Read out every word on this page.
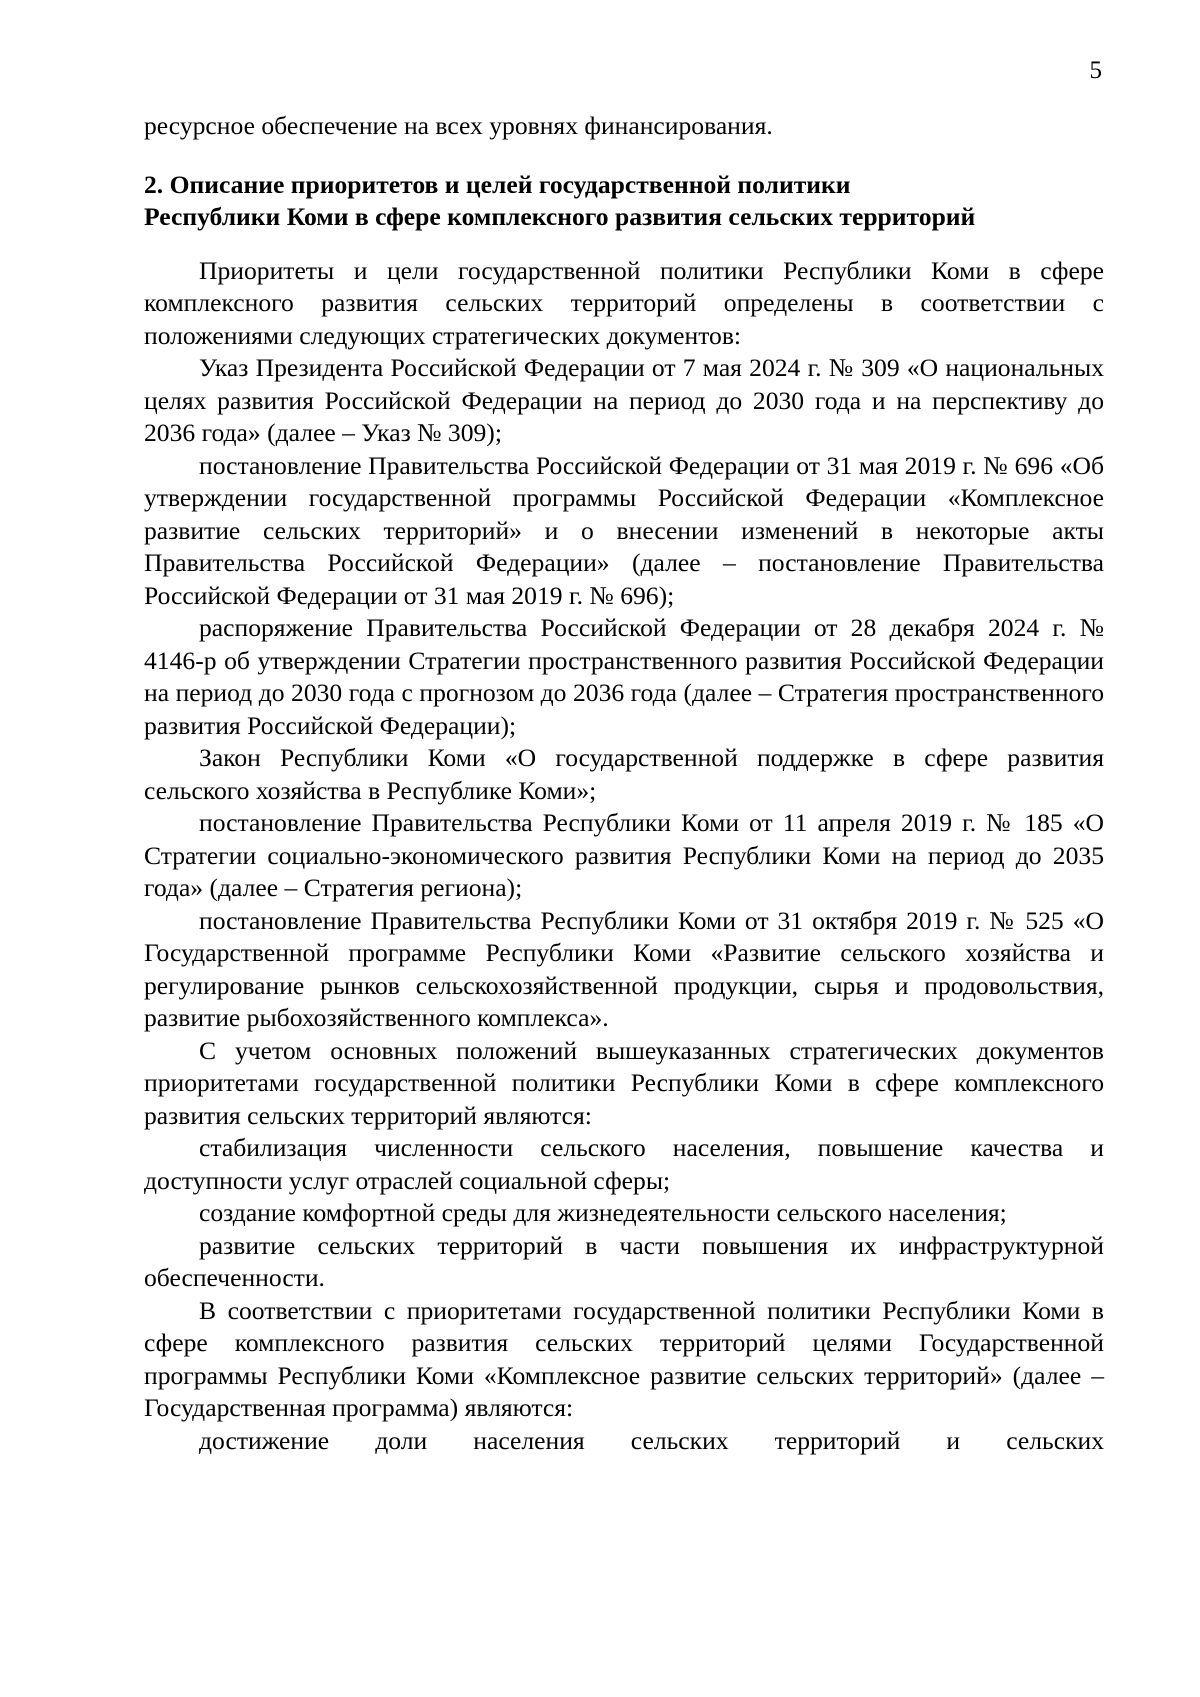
5

ресурсное обеспечение на всех уровнях финансирования.

2. Описание приоритетов и целей государственной политики
Республики Коми в сфере комплексного развития сельских территорий

Приоритеты и цели государственной политики Республики Коми в сфере комплексного развития сельских территорий определены в соответствии с положениями следующих стратегических документов:

Указ Президента Российской Федерации от 7 мая 2024 г. № 309 «О национальных целях развития Российской Федерации на период до 2030 года и на перспективу до 2036 года» (далее – Указ № 309);

постановление Правительства Российской Федерации от 31 мая 2019 г. № 696 «Об утверждении государственной программы Российской Федерации «Комплексное развитие сельских территорий» и о внесении изменений в некоторые акты Правительства Российской Федерации» (далее – постановление Правительства Российской Федерации от 31 мая 2019 г. № 696);

распоряжение Правительства Российской Федерации от 28 декабря 2024 г. № 4146-р об утверждении Стратегии пространственного развития Российской Федерации на период до 2030 года с прогнозом до 2036 года (далее – Стратегия пространственного развития Российской Федерации);

Закон Республики Коми «О государственной поддержке в сфере развития сельского хозяйства в Республике Коми»;

постановление Правительства Республики Коми от 11 апреля 2019 г. № 185 «О Стратегии социально-экономического развития Республики Коми на период до 2035 года» (далее – Стратегия региона);

постановление Правительства Республики Коми от 31 октября 2019 г. № 525 «О Государственной программе Республики Коми «Развитие сельского хозяйства и регулирование рынков сельскохозяйственной продукции, сырья и продовольствия, развитие рыбохозяйственного комплекса».

С учетом основных положений вышеуказанных стратегических документов приоритетами государственной политики Республики Коми в сфере комплексного развития сельских территорий являются:

стабилизация численности сельского населения, повышение качества и доступности услуг отраслей социальной сферы;

создание комфортной среды для жизнедеятельности сельского населения;

развитие сельских территорий в части повышения их инфраструктурной обеспеченности.

В соответствии с приоритетами государственной политики Республики Коми в сфере комплексного развития сельских территорий целями Государственной программы Республики Коми «Комплексное развитие сельских территорий» (далее – Государственная программа) являются:

достижение доли населения сельских территорий и сельских
